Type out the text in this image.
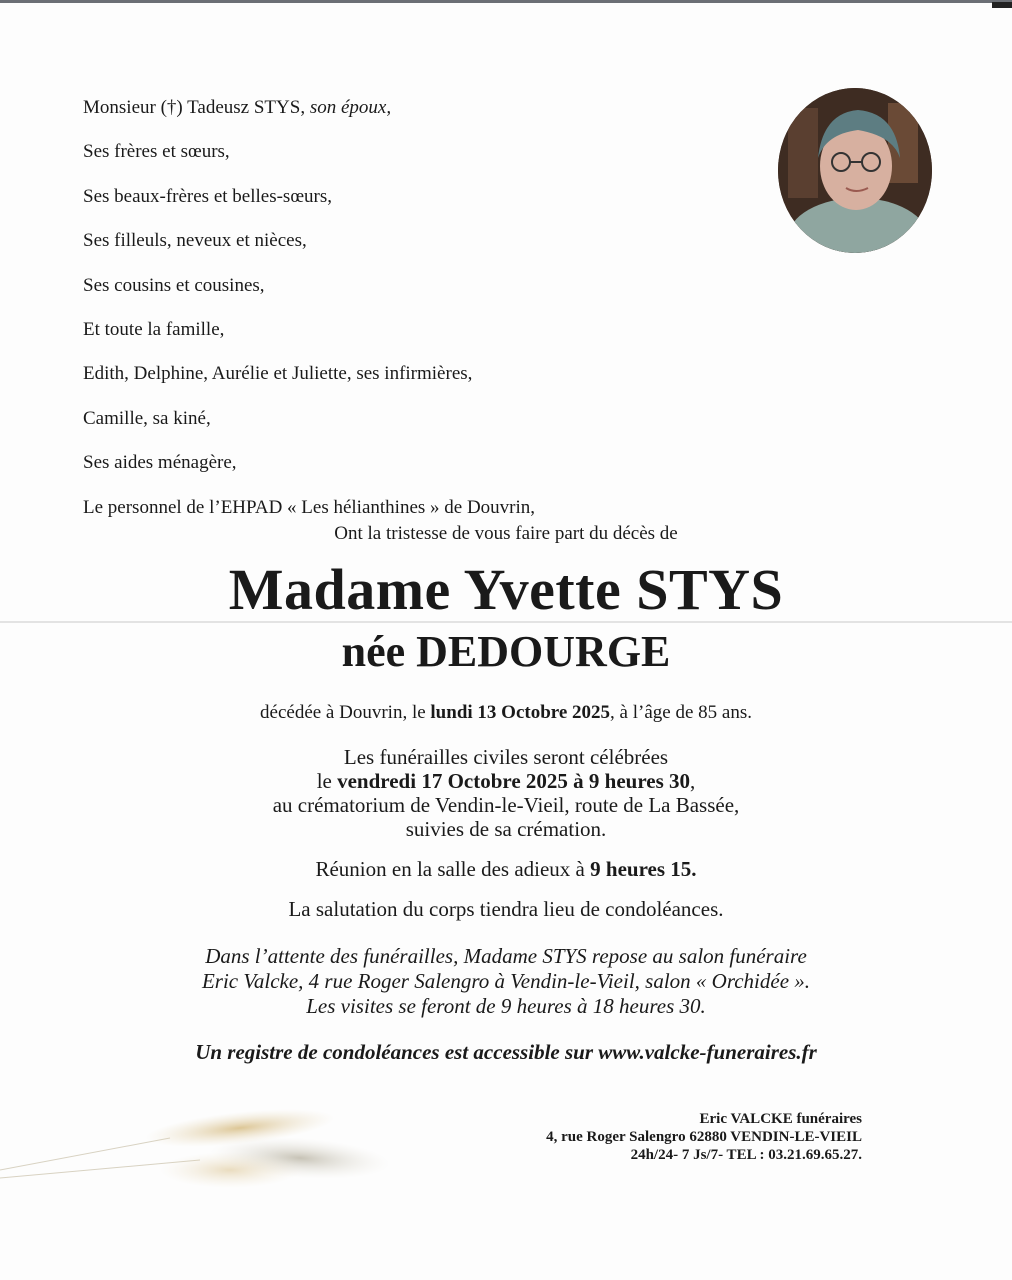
Monsieur (†) Tadeusz STYS, son époux,
Ses frères et sœurs,
Ses beaux-frères et belles-sœurs,
Ses filleuls, neveux et nièces,
Ses cousins et cousines,
Et toute la famille,
Edith, Delphine, Aurélie et Juliette, ses infirmières,
Camille, sa kiné,
Ses aides ménagère,
Le personnel de l’EHPAD « Les hélianthines » de Douvrin,
Ont la tristesse de vous faire part du décès de
Madame Yvette STYS
née DEDOURGE
décédée à Douvrin, le lundi 13 Octobre 2025, à l’âge de 85 ans.
Les funérailles civiles seront célébrées
le vendredi 17 Octobre 2025 à 9 heures 30,
au crématorium de Vendin-le-Vieil, route de La Bassée,
suivies de sa crémation.
Réunion en la salle des adieux à 9 heures 15.
La salutation du corps tiendra lieu de condoléances.
Dans l’attente des funérailles, Madame STYS repose au salon funéraire
Eric Valcke, 4 rue Roger Salengro à Vendin-le-Vieil, salon « Orchidée ».
Les visites se feront de 9 heures à 18 heures 30.
Un registre de condoléances est accessible sur www.valcke-funeraires.fr
Eric VALCKE funéraires
4, rue Roger Salengro 62880 VENDIN-LE-VIEIL
24h/24- 7 Js/7- TEL : 03.21.69.65.27.
